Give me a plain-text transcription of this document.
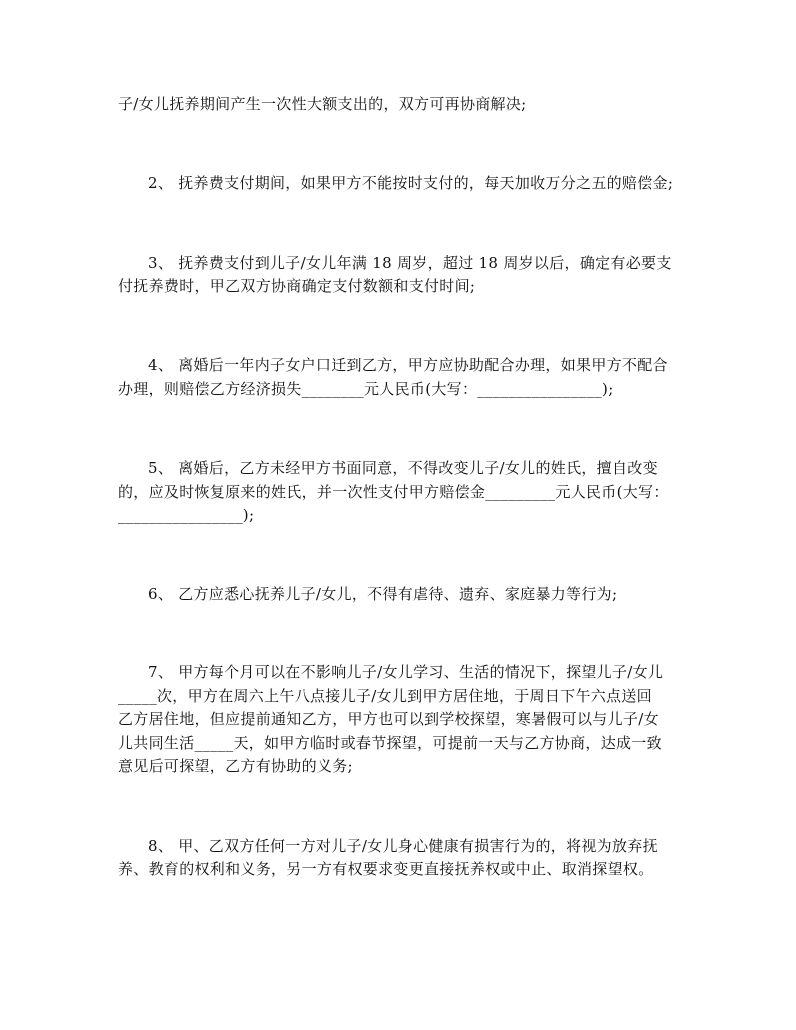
子/女儿抚养期间产生一次性大额支出的，双方可再协商解决;
2、 抚养费支付期间，如果甲方不能按时支付的，每天加收万分之五的赔偿金;
3、 抚养费支付到儿子/女儿年满 18 周岁，超过 18 周岁以后，确定有必要支
付抚养费时，甲乙双方协商确定支付数额和支付时间;
4、 离婚后一年内子女户口迁到乙方，甲方应协助配合办理，如果甲方不配合
办理，则赔偿乙方经济损失________元人民币(大写：________________);
5、 离婚后，乙方未经甲方书面同意，不得改变儿子/女儿的姓氏，擅自改变
的，应及时恢复原来的姓氏，并一次性支付甲方赔偿金_________元人民币(大写：
________________);
6、 乙方应悉心抚养儿子/女儿，不得有虐待、遗弃、家庭暴力等行为;
7、 甲方每个月可以在不影响儿子/女儿学习、生活的情况下，探望儿子/女儿
_____次，甲方在周六上午八点接儿子/女儿到甲方居住地，于周日下午六点送回
乙方居住地，但应提前通知乙方，甲方也可以到学校探望，寒暑假可以与儿子/女
儿共同生活_____天，如甲方临时或春节探望，可提前一天与乙方协商，达成一致
意见后可探望，乙方有协助的义务;
8、 甲、乙双方任何一方对儿子/女儿身心健康有损害行为的，将视为放弃抚
养、教育的权利和义务，另一方有权要求变更直接抚养权或中止、取消探望权。
